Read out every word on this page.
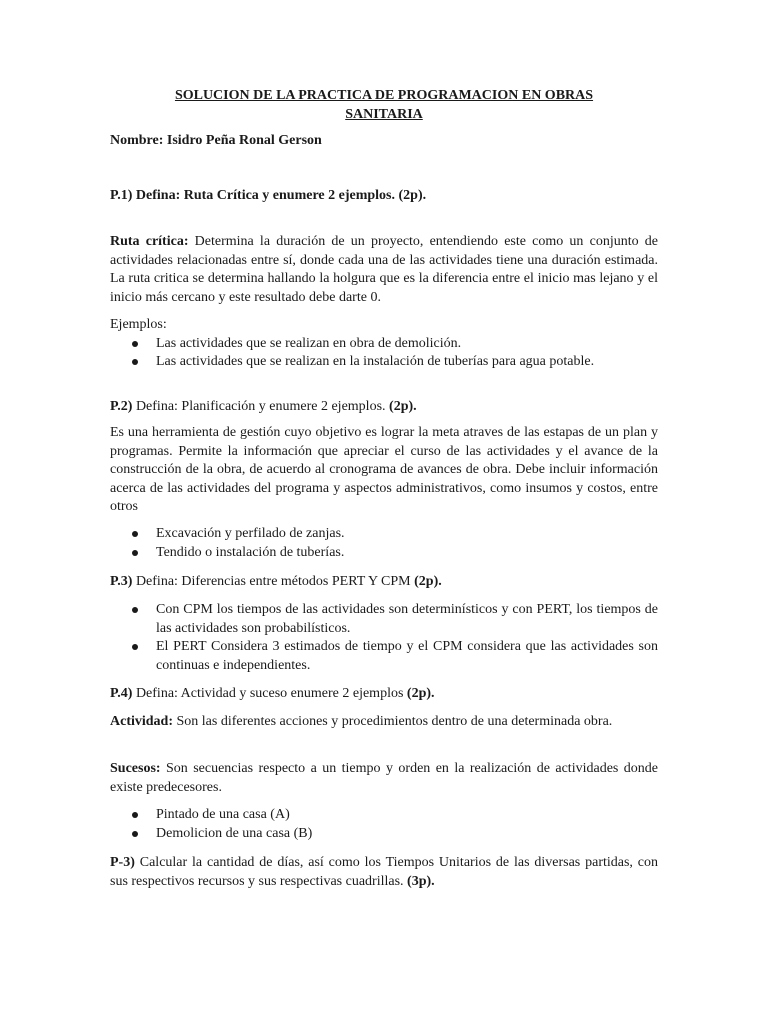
SOLUCION DE LA PRACTICA DE PROGRAMACION EN OBRAS
SANITARIA
Nombre: Isidro Peña Ronal Gerson
P.1) Defina: Ruta Crítica y enumere 2 ejemplos. (2p).
Ruta crítica: Determina la duración de un proyecto, entendiendo este como un conjunto de actividades relacionadas entre sí, donde cada una de las actividades tiene una duración estimada. La ruta critica se determina hallando la holgura que es la diferencia entre el inicio mas lejano y el inicio más cercano y este resultado debe darte 0.
Ejemplos:
Las actividades que se realizan en obra de demolición.
Las actividades que se realizan en la instalación de tuberías para agua potable.
P.2) Defina: Planificación y enumere 2 ejemplos. (2p).
Es una herramienta de gestión cuyo objetivo es lograr la meta atraves de las estapas de un plan y programas. Permite la información que apreciar el curso de las actividades y el avance de la construcción de la obra, de acuerdo al cronograma de avances de obra. Debe incluir información acerca de las actividades del programa y aspectos administrativos, como insumos y costos, entre otros
Excavación y perfilado de zanjas.
Tendido o instalación de tuberías.
P.3) Defina: Diferencias entre métodos PERT Y CPM (2p).
Con CPM los tiempos de las actividades son determinísticos y con PERT, los tiempos de las actividades son probabilísticos.
El PERT Considera 3 estimados de tiempo y el CPM considera que las actividades son continuas e independientes.
P.4) Defina: Actividad y suceso enumere 2 ejemplos (2p).
Actividad: Son las diferentes acciones y procedimientos dentro de una determinada obra.
Sucesos: Son secuencias respecto a un tiempo y orden en la realización de actividades donde existe predecesores.
Pintado de una casa (A)
Demolicion de una casa (B)
P-3) Calcular la cantidad de días, así como los Tiempos Unitarios de las diversas partidas, con sus respectivos recursos y sus respectivas cuadrillas. (3p).
